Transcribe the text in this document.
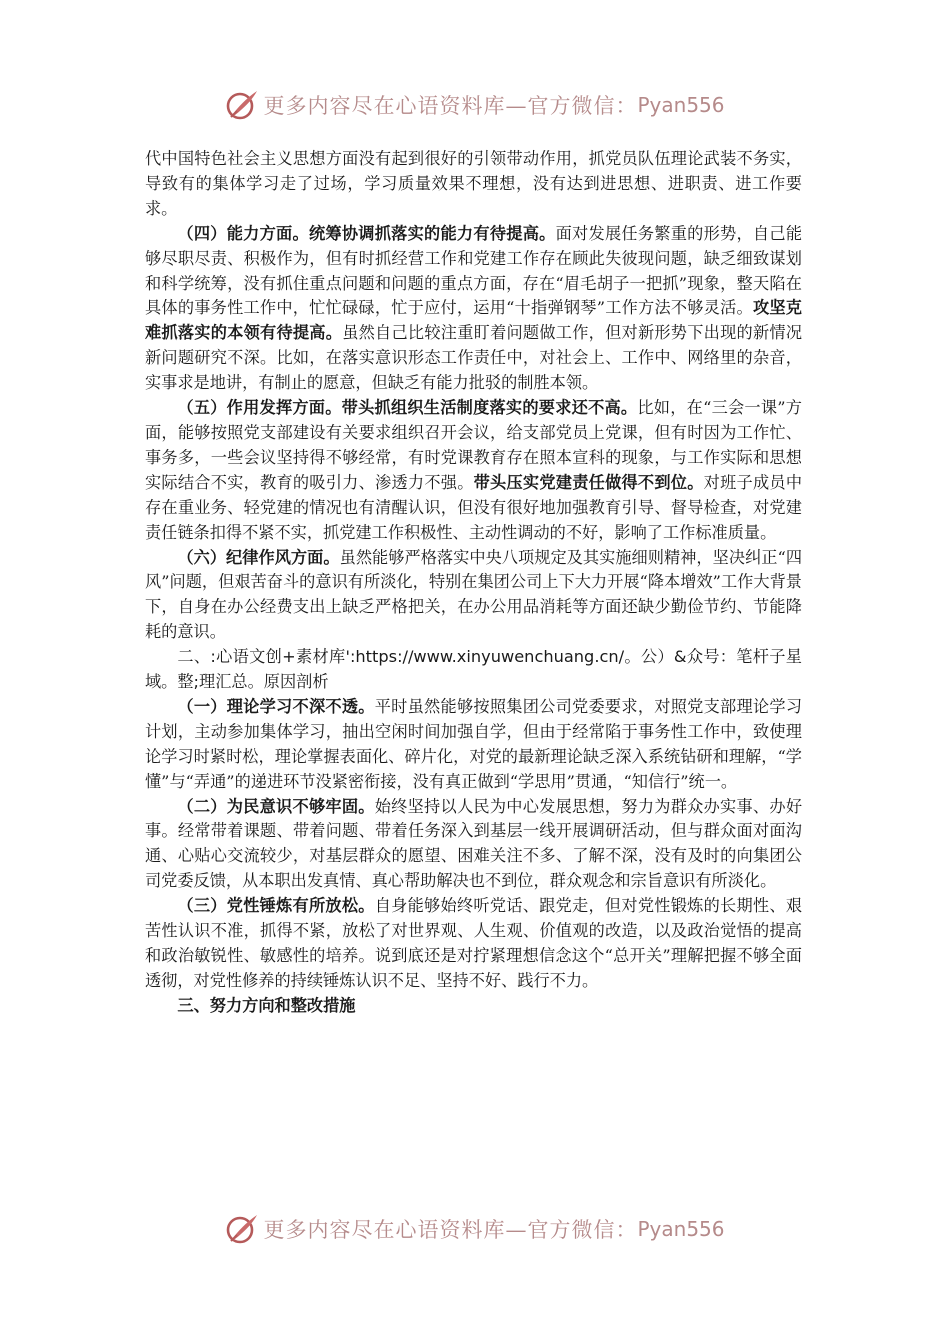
更多内容尽在心语资料库—官方微信： Pyan556

代中国特色社会主义思想方面没有起到很好的引领带动作用，抓党员队伍理论武装不务实，导致有的集体学习走了过场，学习质量效果不理想，没有达到进思想、进职责、进工作要求。

（四）能力方面。统筹协调抓落实的能力有待提高。面对发展任务繁重的形势，自己能够尽职尽责、积极作为，但有时抓经营工作和党建工作存在顾此失彼现问题，缺乏细致谋划和科学统筹，没有抓住重点问题和问题的重点方面，存在“眉毛胡子一把抓”现象，整天陷在具体的事务性工作中，忙忙碌碌，忙于应付，运用“十指弹钢琴”工作方法不够灵活。攻坚克难抓落实的本领有待提高。虽然自己比较注重盯着问题做工作，但对新形势下出现的新情况新问题研究不深。比如，在落实意识形态工作责任中，对社会上、工作中、网络里的杂音，实事求是地讲，有制止的愿意，但缺乏有能力批驳的制胜本领。

（五）作用发挥方面。带头抓组织生活制度落实的要求还不高。比如，在“三会一课”方面，能够按照党支部建设有关要求组织召开会议，给支部党员上党课，但有时因为工作忙、事务多，一些会议坚持得不够经常，有时党课教育存在照本宣科的现象，与工作实际和思想实际结合不实，教育的吸引力、渗透力不强。带头压实党建责任做得不到位。对班子成员中存在重业务、轻党建的情况也有清醒认识，但没有很好地加强教育引导、督导检查，对党建责任链条扣得不紧不实，抓党建工作积极性、主动性调动的不好，影响了工作标准质量。

（六）纪律作风方面。虽然能够严格落实中央八项规定及其实施细则精神，坚决纠正“四风”问题，但艰苦奋斗的意识有所淡化，特别在集团公司上下大力开展“降本增效”工作大背景下，自身在办公经费支出上缺乏严格把关，在办公用品消耗等方面还缺少勤俭节约、节能降耗的意识。

二、:心语文创+素材库':https://www.xinyuwenchuang.cn/。公）&众号：笔杆子星域。整;理汇总。原因剖析

（一）理论学习不深不透。平时虽然能够按照集团公司党委要求，对照党支部理论学习计划，主动参加集体学习，抽出空闲时间加强自学，但由于经常陷于事务性工作中，致使理论学习时紧时松，理论掌握表面化、碎片化，对党的最新理论缺乏深入系统钻研和理解，“学懂”与“弄通”的递进环节没紧密衔接，没有真正做到“学思用”贯通，“知信行”统一。

（二）为民意识不够牢固。始终坚持以人民为中心发展思想，努力为群众办实事、办好事。经常带着课题、带着问题、带着任务深入到基层一线开展调研活动，但与群众面对面沟通、心贴心交流较少，对基层群众的愿望、困难关注不多、了解不深，没有及时的向集团公司党委反馈，从本职出发真情、真心帮助解决也不到位，群众观念和宗旨意识有所淡化。

（三）党性锤炼有所放松。自身能够始终听党话、跟党走，但对党性锻炼的长期性、艰苦性认识不准，抓得不紧，放松了对世界观、人生观、价值观的改造，以及政治觉悟的提高和政治敏锐性、敏感性的培养。说到底还是对拧紧理想信念这个“总开关”理解把握不够全面透彻，对党性修养的持续锤炼认识不足、坚持不好、践行不力。

三、努力方向和整改措施

更多内容尽在心语资料库—官方微信： Pyan556
